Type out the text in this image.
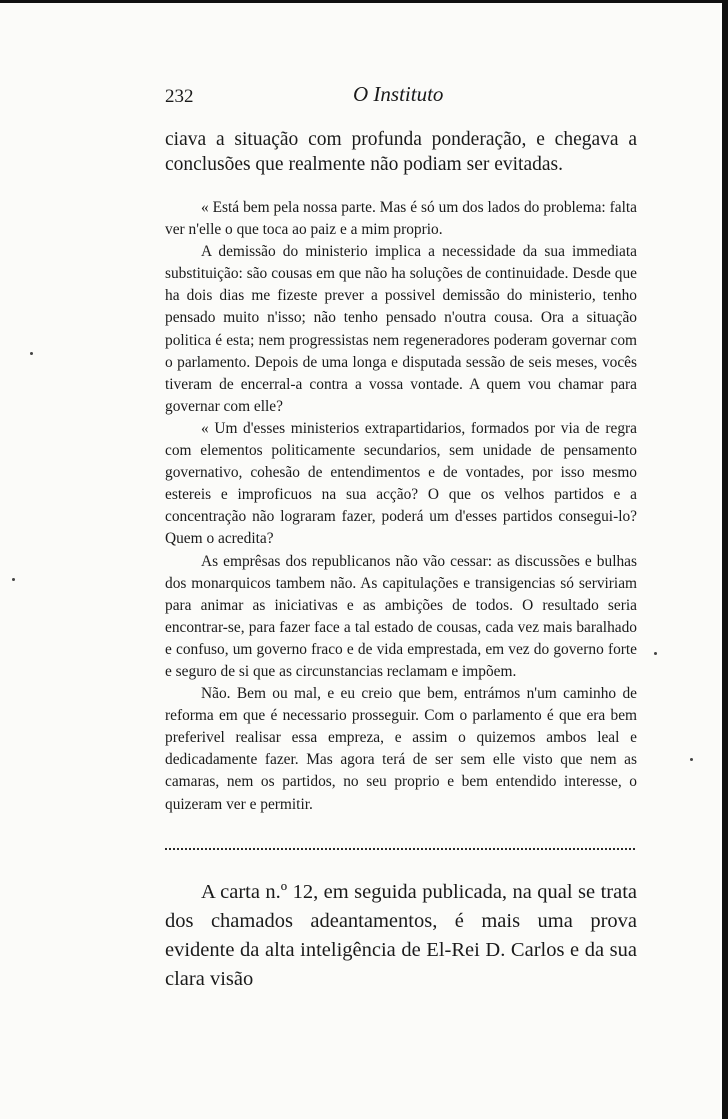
232	O Instituto

ciava a situação com profunda ponderação, e chegava a

conclusões que realmente não podiam ser evitadas.

« Está bem pela nossa parte. Mas é só um dos lados do problema: falta ver n'elle o que toca ao paiz e a mim proprio.

A demissão do ministerio implica a necessidade da sua immediata substituição: são cousas em que não ha soluções de continuidade. Desde que ha dois dias me fizeste prever a possivel demissão do ministerio, tenho pensado muito n'isso; não tenho pensado n'outra cousa. Ora a situação politica é esta; nem progressistas nem regeneradores poderam governar com o parlamento. Depois de uma longa e disputada sessão de seis meses, vocês tiveram de encerral-a contra a vossa vontade. A quem vou chamar para governar com elle?

« Um d'esses ministerios extrapartidarios, formados por via de regra com elementos politicamente secundarios, sem unidade de pensamento governativo, cohesão de entendimentos e de vontades, por isso mesmo estereis e improficuos na sua acção? O que os velhos partidos e a concentração não lograram fazer, poderá um d'esses partidos consegui-lo? Quem o acredita?

As emprêsas dos republicanos não vão cessar: as discussões e bulhas dos monarquicos tambem não. As capitulações e transigencias só serviriam para animar as iniciativas e as ambições de todos. O resultado seria encontrar-se, para fazer face a tal estado de cousas, cada vez mais baralhado e confuso, um governo fraco e de vida emprestada, em vez do governo forte e seguro de si que as circunstancias reclamam e impõem.

Não. Bem ou mal, e eu creio que bem, entrámos n'um caminho de reforma em que é necessario prosseguir. Com o parlamento é que era bem preferivel realisar essa empreza, e assim o quizemos ambos leal e dedicadamente fazer. Mas agora terá de ser sem elle visto que nem as camaras, nem os partidos, no seu proprio e bem entendido interesse, o quizeram ver e permitir.

A carta n.º 12, em seguida publicada, na qual se trata dos chamados adeantamentos, é mais uma prova evidente da alta inteligência de El-Rei D. Carlos e da sua clara visão
